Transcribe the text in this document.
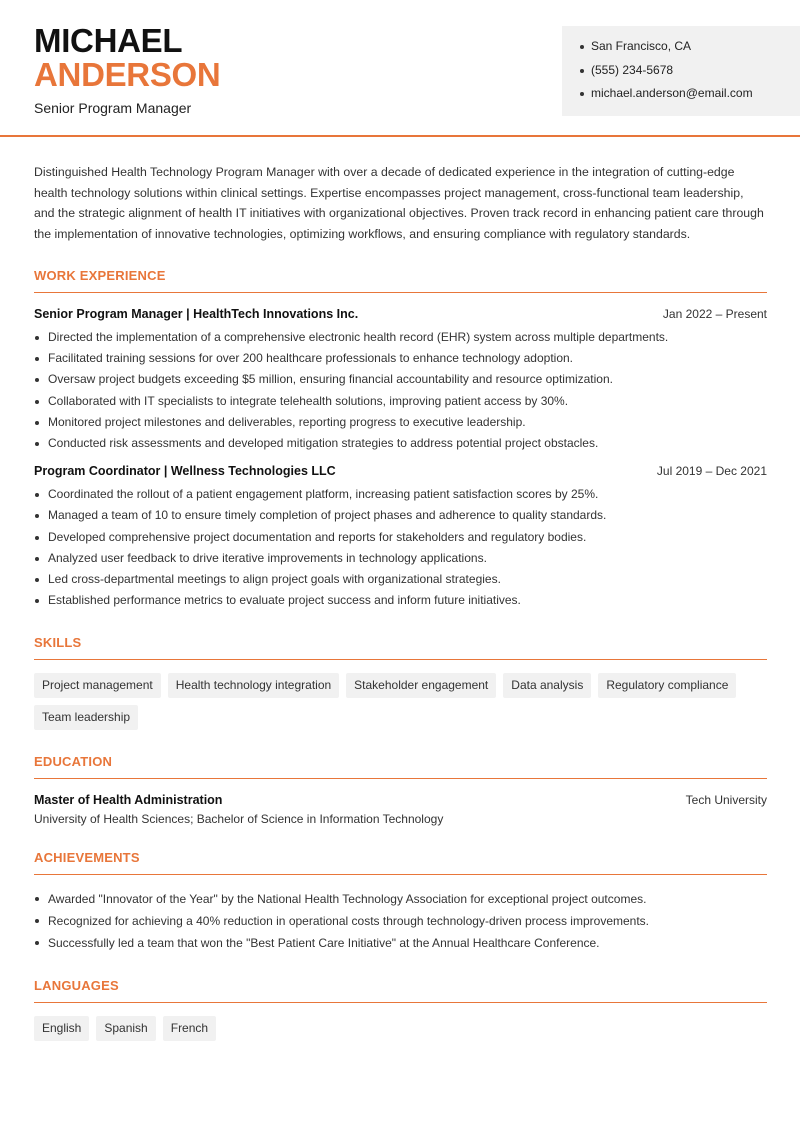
MICHAEL
ANDERSON
Senior Program Manager
San Francisco, CA
(555) 234-5678
michael.anderson@email.com

Distinguished Health Technology Program Manager with over a decade of dedicated experience in the integration of cutting-edge health technology solutions within clinical settings. Expertise encompasses project management, cross-functional team leadership, and the strategic alignment of health IT initiatives with organizational objectives. Proven track record in enhancing patient care through the implementation of innovative technologies, optimizing workflows, and ensuring compliance with regulatory standards.

WORK EXPERIENCE
Senior Program Manager | HealthTech Innovations Inc.	Jan 2022 – Present
Directed the implementation of a comprehensive electronic health record (EHR) system across multiple departments.
Facilitated training sessions for over 200 healthcare professionals to enhance technology adoption.
Oversaw project budgets exceeding $5 million, ensuring financial accountability and resource optimization.
Collaborated with IT specialists to integrate telehealth solutions, improving patient access by 30%.
Monitored project milestones and deliverables, reporting progress to executive leadership.
Conducted risk assessments and developed mitigation strategies to address potential project obstacles.
Program Coordinator | Wellness Technologies LLC	Jul 2019 – Dec 2021
Coordinated the rollout of a patient engagement platform, increasing patient satisfaction scores by 25%.
Managed a team of 10 to ensure timely completion of project phases and adherence to quality standards.
Developed comprehensive project documentation and reports for stakeholders and regulatory bodies.
Analyzed user feedback to drive iterative improvements in technology applications.
Led cross-departmental meetings to align project goals with organizational strategies.
Established performance metrics to evaluate project success and inform future initiatives.
SKILLS
Project management	Health technology integration	Stakeholder engagement	Data analysis	Regulatory compliance
Team leadership
EDUCATION
Master of Health Administration	Tech University
University of Health Sciences; Bachelor of Science in Information Technology
ACHIEVEMENTS
Awarded "Innovator of the Year" by the National Health Technology Association for exceptional project outcomes.
Recognized for achieving a 40% reduction in operational costs through technology-driven process improvements.
Successfully led a team that won the "Best Patient Care Initiative" at the Annual Healthcare Conference.
LANGUAGES
English	Spanish	French
